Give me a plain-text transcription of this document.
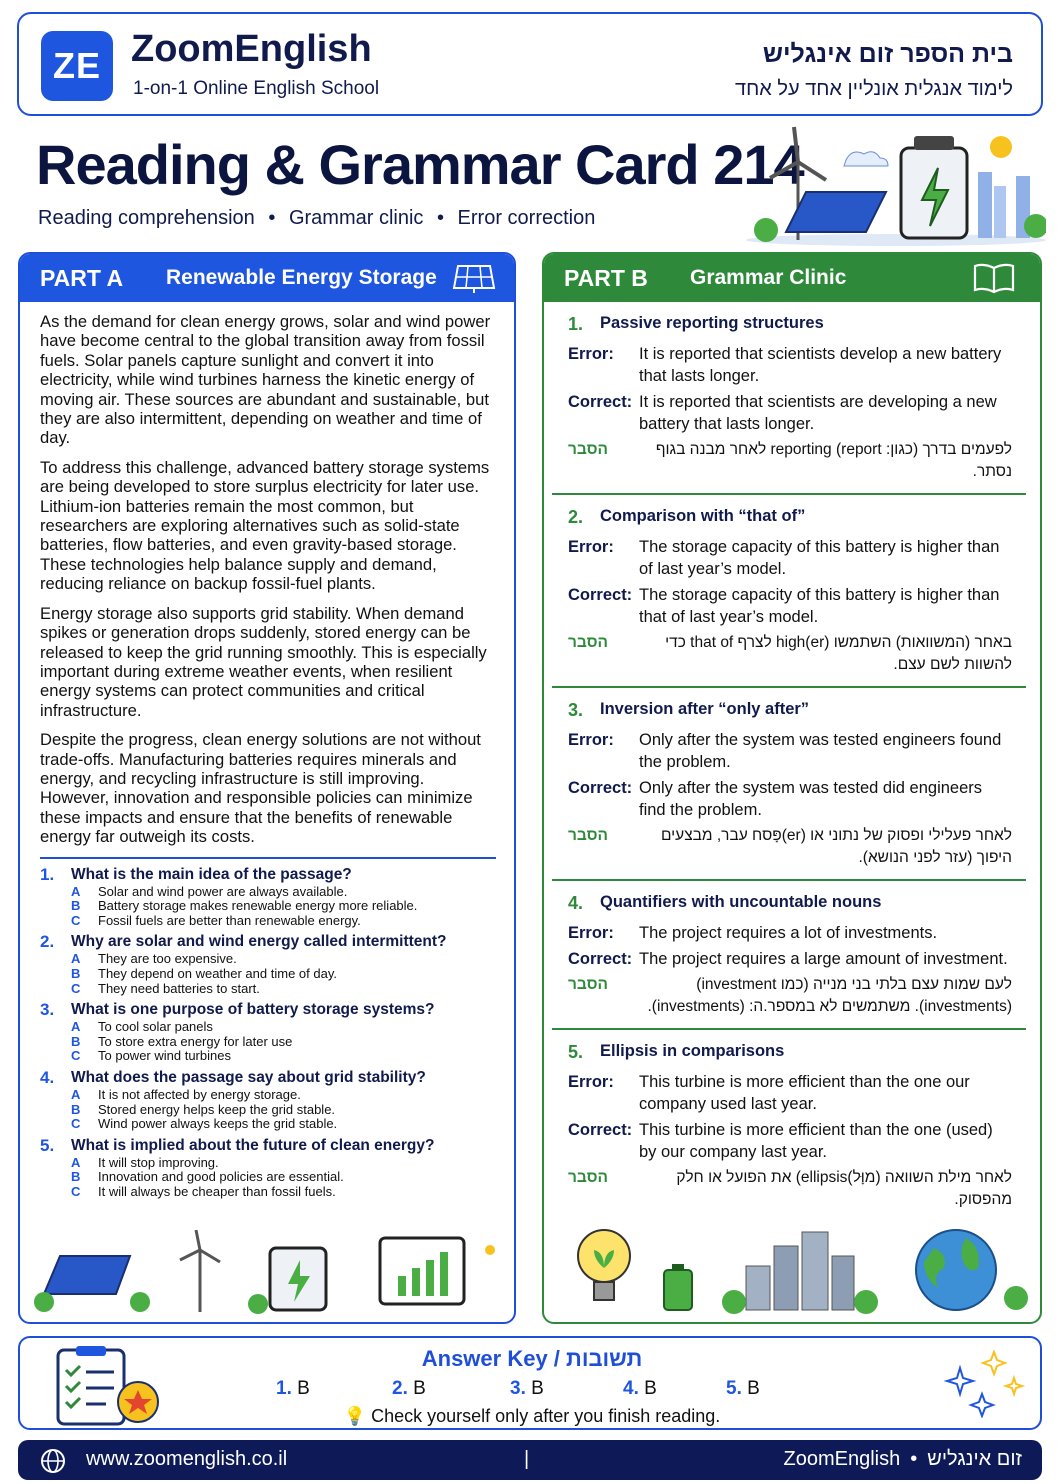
ZE ZoomEnglish
1-on-1 Online English School
בית הספר זום אינגליש
לימוד אנגלית אונליין אחד על אחד
Reading & Grammar Card 214
Reading comprehension • Grammar clinic • Error correction
PART A	Renewable Energy Storage

As the demand for clean energy grows, solar and wind power have become central to the global transition away from fossil fuels. Solar panels capture sunlight and convert it into electricity, while wind turbines harness the kinetic energy of moving air. These sources are abundant and sustainable, but they are also intermittent, depending on weather and time of day.

To address this challenge, advanced battery storage systems are being developed to store surplus electricity for later use. Lithium-ion batteries remain the most common, but researchers are exploring alternatives such as solid-state batteries, flow batteries, and even gravity-based storage. These technologies help balance supply and demand, reducing reliance on backup fossil-fuel plants.

Energy storage also supports grid stability. When demand spikes or generation drops suddenly, stored energy can be released to keep the grid running smoothly. This is especially important during extreme weather events, when resilient energy systems can protect communities and critical infrastructure.

Despite the progress, clean energy solutions are not without trade-offs. Manufacturing batteries requires minerals and energy, and recycling infrastructure is still improving. However, innovation and responsible policies can minimize these impacts and ensure that the benefits of renewable energy far outweigh its costs.

1.	What is the main idea of the passage?
A	Solar and wind power are always available.
B	Battery storage makes renewable energy more reliable.
C	Fossil fuels are better than renewable energy.
2.	Why are solar and wind energy called intermittent?
A	They are too expensive.
B	They depend on weather and time of day.
C	They need batteries to start.
3.	What is one purpose of battery storage systems?
A	To cool solar panels
B	To store extra energy for later use
C	To power wind turbines
4.	What does the passage say about grid stability?
A	It is not affected by energy storage.
B	Stored energy helps keep the grid stable.
C	Wind power always keeps the grid stable.
5.	What is implied about the future of clean energy?
A	It will stop improving.
B	Innovation and good policies are essential.
C	It will always be cheaper than fossil fuels.
PART B	Grammar Clinic
1.	Passive reporting structures
Error:	It is reported that scientists develop a new battery that lasts longer.
Correct: It is reported that scientists are developing a new battery that lasts longer.
הסבר	לפעמים בדרך (כגון: report) reporting לאחר מבנה בגוף נסתר.
2.	Comparison with “that of”
Error:	The storage capacity of this battery is higher than of last year’s model.
Correct: The storage capacity of this battery is higher than that of last year’s model.
הסבר	באחר (המשוואות) השתמשו high(er) לצרף that of כדי להשוות לשם עצם.
3.	Inversion after “only after”
Error:	Only after the system was tested engineers found the problem.
Correct: Only after the system was tested did engineers find the problem.
הסבר	לאחר פעלילי ופסוק של נתוני או (er)פָּסח עבר, מבצעים היפוך (עזר לפני הנושא).
4.	Quantifiers with uncountable nouns
Error:	The project requires a lot of investments.
Correct: The project requires a large amount of investment.
הסבר	לעם שמות עצם בלתי בני מנייה (כמו investment) (investments). משתמשים לא במספר.ה: (investments).
5.	Ellipsis in comparisons
Error:	This turbine is more efficient than the one our company used last year.
Correct: This turbine is more efficient than the one (used) by our company last year.
הסבר	לאחר מילת השוואה (מוָּל)ellipsis) את הפועל או חלק מהפסוק.
Answer Key / תשובות
1. B	2. B	3. B	4. B	5. B
💡 Check yourself only after you finish reading.
www.zoomenglish.co.il	|	ZoomEnglish • זום אינגליש
